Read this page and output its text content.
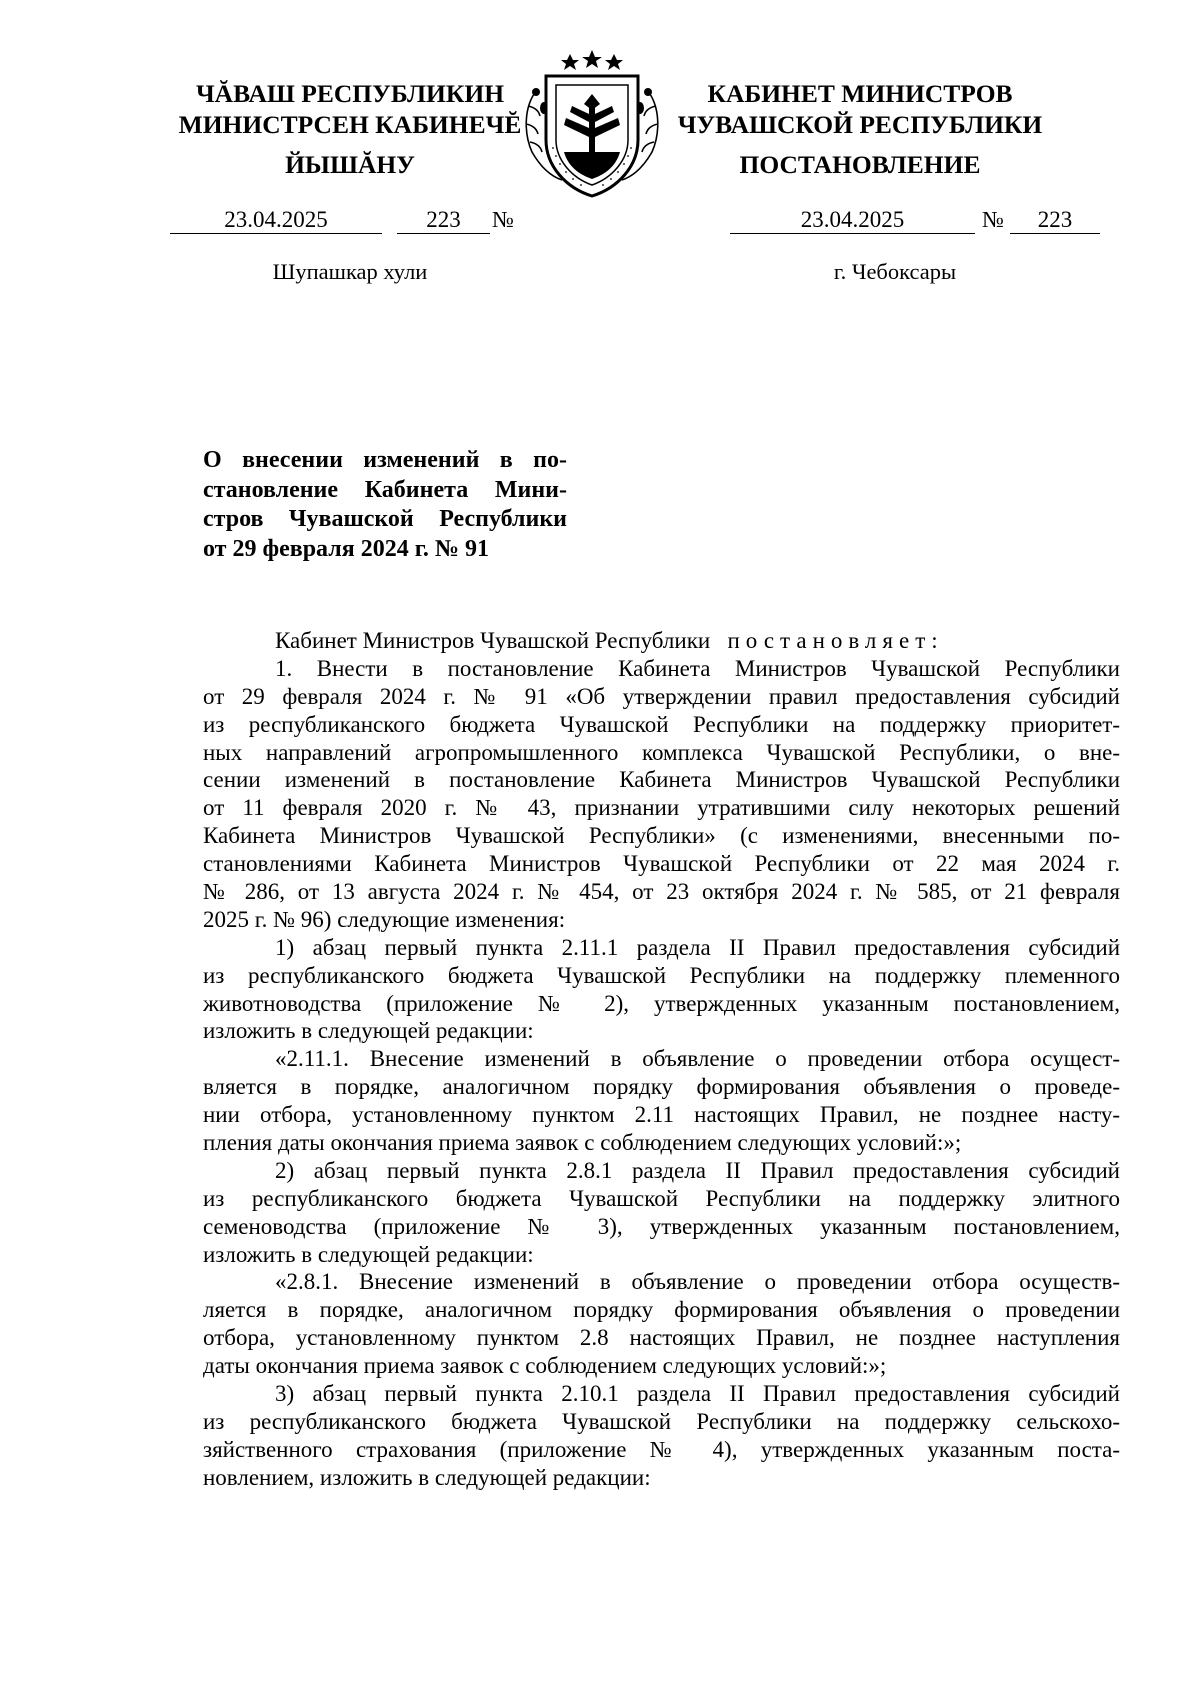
ЧĂВАШ РЕСПУБЛИКИН
МИНИСТРСЕН КАБИНЕЧĔ
ЙЫШĂНУ
23.04.2025	223	№
Шупашкар хули
КАБИНЕТ МИНИСТРОВ
ЧУВАШСКОЙ РЕСПУБЛИКИ
ПОСТАНОВЛЕНИЕ
23.04.2025	№	223
г. Чебоксары
О внесении изменений в по-
становление Кабинета Мини-
стров Чувашской Республики
от 29 февраля 2024 г. № 91
Кабинет Министров Чувашской Республики постановляет:
1. Внести в постановление Кабинета Министров Чувашской Республики
от 29 февраля 2024 г. № 91 «Об утверждении правил предоставления субсидий
из республиканского бюджета Чувашской Республики на поддержку приоритет-
ных направлений агропромышленного комплекса Чувашской Республики, о вне-
сении изменений в постановление Кабинета Министров Чувашской Республики
от 11 февраля 2020 г. № 43, признании утратившими силу некоторых решений
Кабинета Министров Чувашской Республики» (с изменениями, внесенными по-
становлениями Кабинета Министров Чувашской Республики от 22 мая 2024 г.
№ 286, от 13 августа 2024 г. № 454, от 23 октября 2024 г. № 585, от 21 февраля
2025 г. № 96) следующие изменения:
1) абзац первый пункта 2.11.1 раздела II Правил предоставления субсидий
из республиканского бюджета Чувашской Республики на поддержку племенного
животноводства (приложение № 2), утвержденных указанным постановлением,
изложить в следующей редакции:
«2.11.1. Внесение изменений в объявление о проведении отбора осущест-
вляется в порядке, аналогичном порядку формирования объявления о проведе-
нии отбора, установленному пунктом 2.11 настоящих Правил, не позднее насту-
пления даты окончания приема заявок с соблюдением следующих условий:»;
2) абзац первый пункта 2.8.1 раздела II Правил предоставления субсидий
из республиканского бюджета Чувашской Республики на поддержку элитного
семеноводства (приложение № 3), утвержденных указанным постановлением,
изложить в следующей редакции:
«2.8.1. Внесение изменений в объявление о проведении отбора осуществ-
ляется в порядке, аналогичном порядку формирования объявления о проведении
отбора, установленному пунктом 2.8 настоящих Правил, не позднее наступления
даты окончания приема заявок с соблюдением следующих условий:»;
3) абзац первый пункта 2.10.1 раздела II Правил предоставления субсидий
из республиканского бюджета Чувашской Республики на поддержку сельскохо-
зяйственного страхования (приложение № 4), утвержденных указанным поста-
новлением, изложить в следующей редакции:
